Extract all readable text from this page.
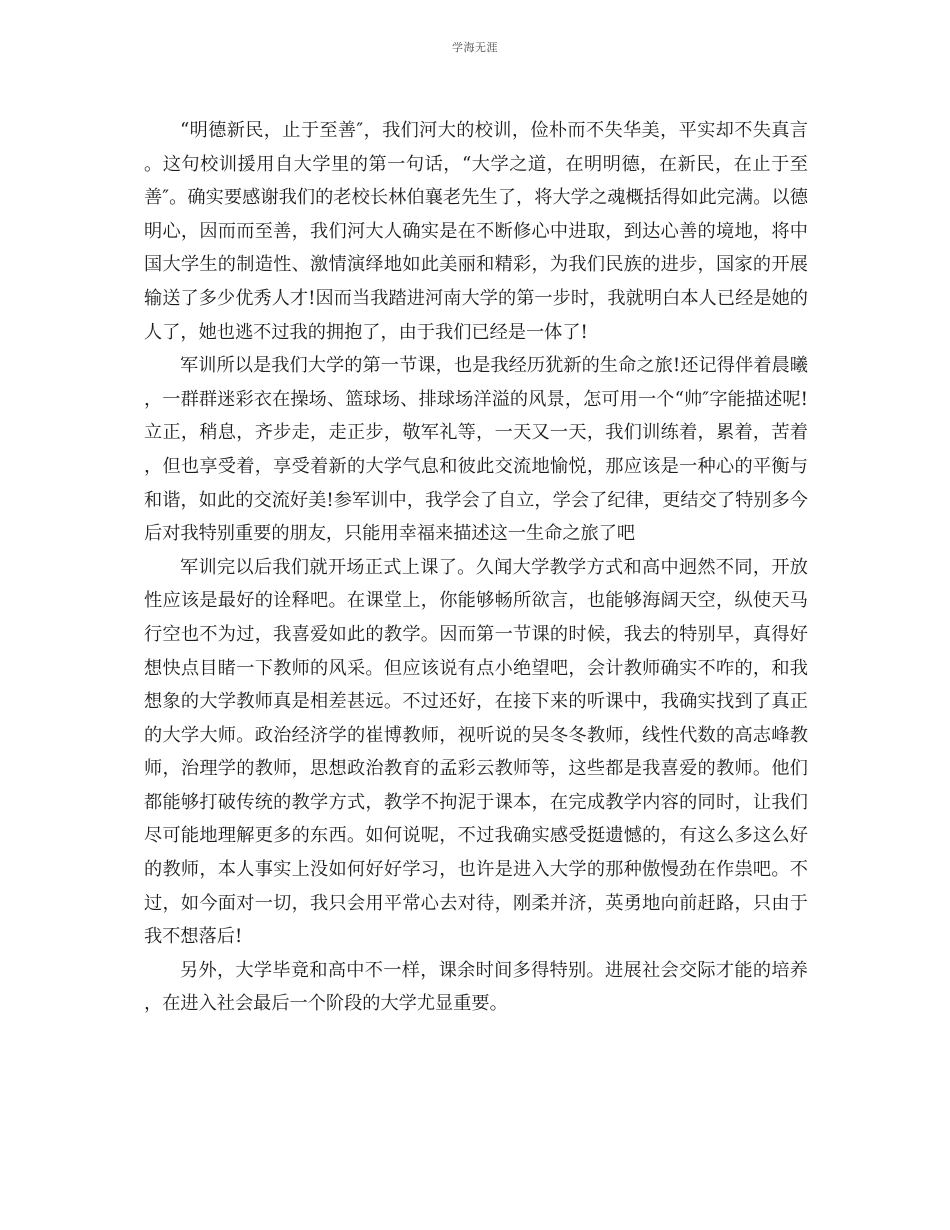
学海无涯

“明德新民，止于至善″，我们河大的校训，俭朴而不失华美，平实却不失真言。这句校训援用自大学里的第一句话，“大学之道，在明明德，在新民，在止于至善″。确实要感谢我们的老校长林伯襄老先生了，将大学之魂概括得如此完满。以德明心，因而而至善，我们河大人确实是在不断修心中进取，到达心善的境地，将中国大学生的制造性、激情演绎地如此美丽和精彩，为我们民族的进步，国家的开展输送了多少优秀人才!因而当我踏进河南大学的第一步时，我就明白本人已经是她的人了，她也逃不过我的拥抱了，由于我们已经是一体了!

军训所以是我们大学的第一节课，也是我经历犹新的生命之旅!还记得伴着晨曦，一群群迷彩衣在操场、篮球场、排球场洋溢的风景，怎可用一个“帅″字能描述呢!立正，稍息，齐步走，走正步，敬军礼等，一天又一天，我们训练着，累着，苦着，但也享受着，享受着新的大学气息和彼此交流地愉悦，那应该是一种心的平衡与和谐，如此的交流好美!参军训中，我学会了自立，学会了纪律，更结交了特别多今后对我特别重要的朋友，只能用幸福来描述这一生命之旅了吧

军训完以后我们就开场正式上课了。久闻大学教学方式和高中迥然不同，开放性应该是最好的诠释吧。在课堂上，你能够畅所欲言，也能够海阔天空，纵使天马行空也不为过，我喜爱如此的教学。因而第一节课的时候，我去的特别早，真得好想快点目睹一下教师的风采。但应该说有点小绝望吧，会计教师确实不咋的，和我想象的大学教师真是相差甚远。不过还好，在接下来的听课中，我确实找到了真正的大学大师。政治经济学的崔博教师，视听说的吴冬冬教师，线性代数的高志峰教师，治理学的教师，思想政治教育的孟彩云教师等，这些都是我喜爱的教师。他们都能够打破传统的教学方式，教学不拘泥于课本，在完成教学内容的同时，让我们尽可能地理解更多的东西。如何说呢，不过我确实感受挺遗憾的，有这么多这么好的教师，本人事实上没如何好好学习，也许是进入大学的那种傲慢劲在作祟吧。不过，如今面对一切，我只会用平常心去对待，刚柔并济，英勇地向前赶路，只由于我不想落后!

另外，大学毕竟和高中不一样，课余时间多得特别。进展社会交际才能的培养，在进入社会最后一个阶段的大学尤显重要。
